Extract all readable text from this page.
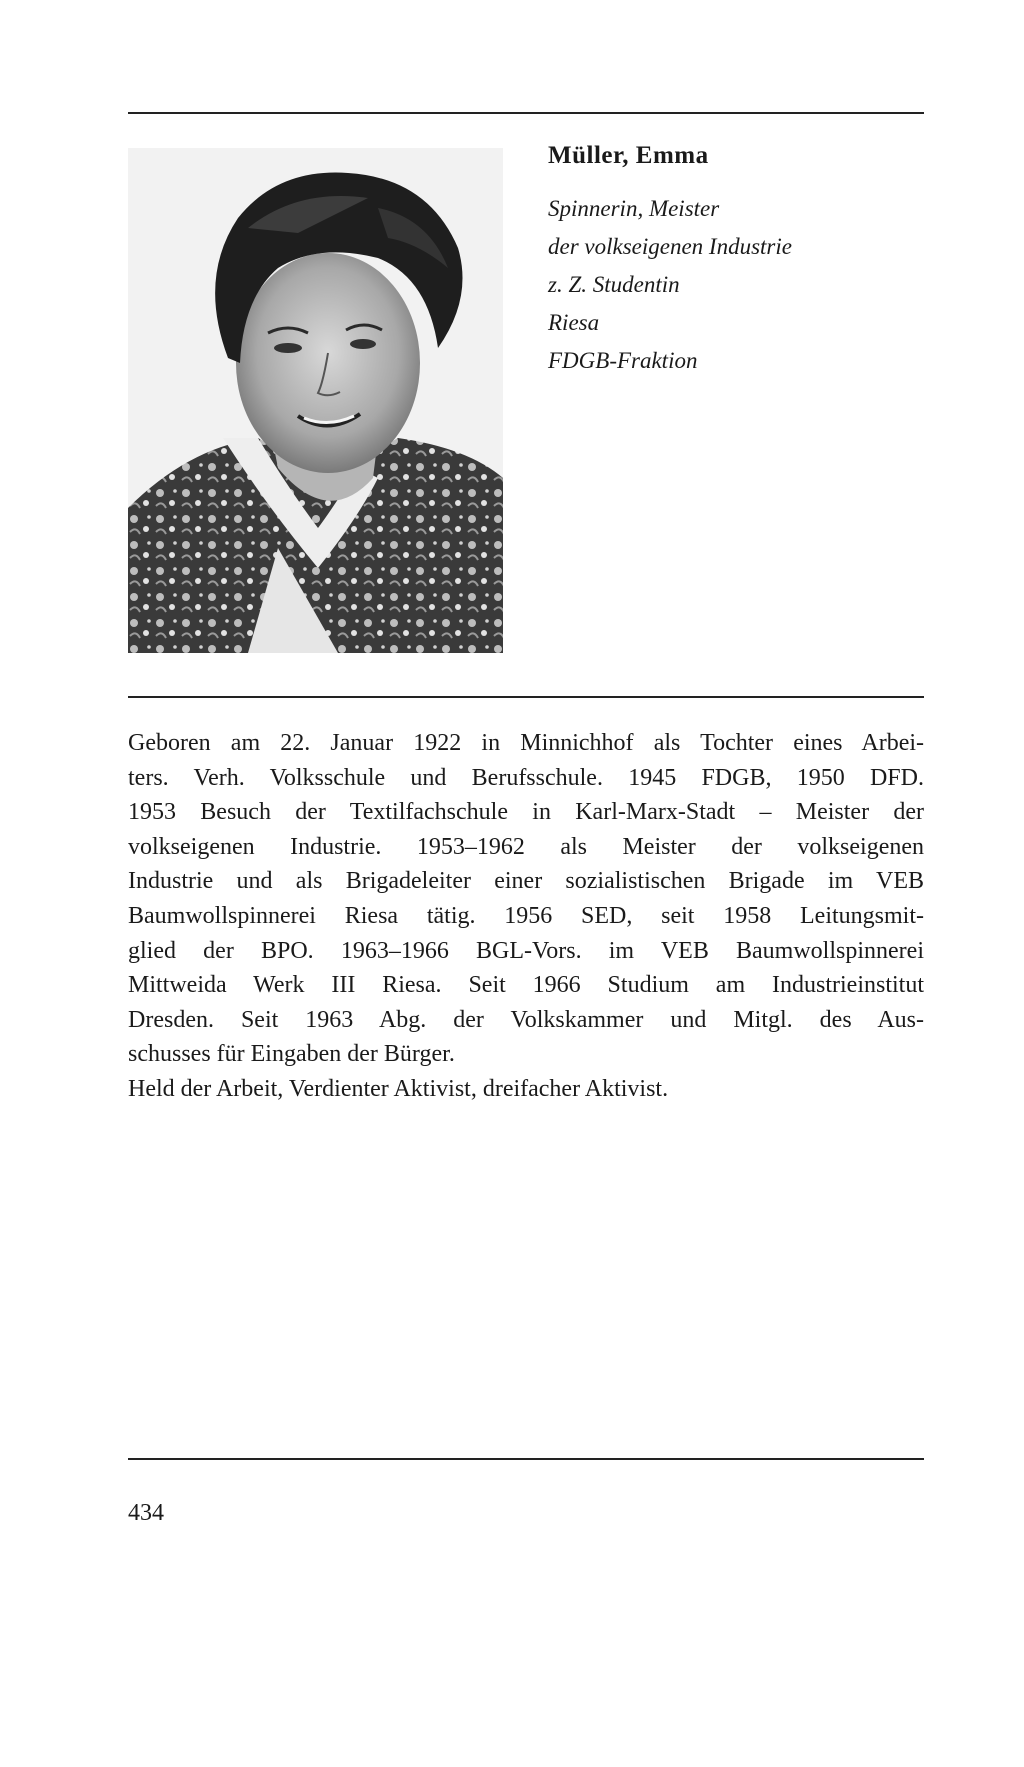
Müller, Emma

Spinnerin, Meister

der volkseigenen Industrie

z. Z. Studentin

Riesa

FDGB-Fraktion

Geboren am 22. Januar 1922 in Minnichhof als Tochter eines Arbei-
ters. Verh. Volksschule und Berufsschule. 1945 FDGB, 1950 DFD.
1953 Besuch der Textilfachschule in Karl-Marx-Stadt – Meister der
volkseigenen Industrie. 1953–1962 als Meister der volkseigenen
Industrie und als Brigadeleiter einer sozialistischen Brigade im VEB
Baumwollspinnerei Riesa tätig. 1956 SED, seit 1958 Leitungsmit-
glied der BPO. 1963–1966 BGL-Vors. im VEB Baumwollspinnerei
Mittweida Werk III Riesa. Seit 1966 Studium am Industrieinstitut
Dresden. Seit 1963 Abg. der Volkskammer und Mitgl. des Aus-
schusses für Eingaben der Bürger.
Held der Arbeit, Verdienter Aktivist, dreifacher Aktivist.
434
